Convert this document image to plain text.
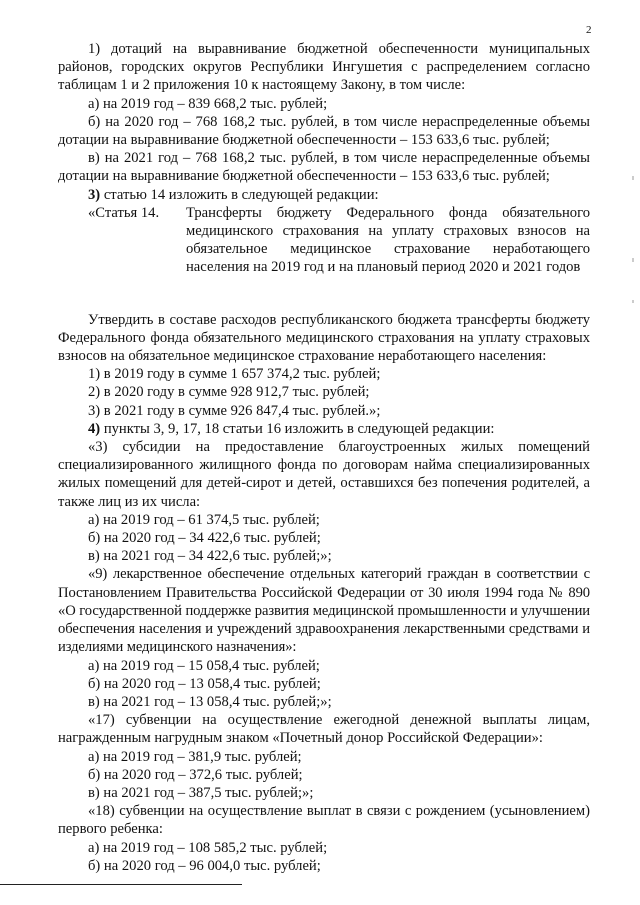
2

1) дотаций на выравнивание бюджетной обеспеченности муниципальных районов, городских округов Республики Ингушетия с распределением согласно таблицам 1 и 2 приложения 10 к настоящему Закону, в том числе:

а) на 2019 год – 839 668,2 тыс. рублей;

б) на 2020 год – 768 168,2 тыс. рублей, в том числе нераспределенные объемы дотации на выравнивание бюджетной обеспеченности – 153 633,6 тыс. рублей;

в) на 2021 год – 768 168,2 тыс. рублей, в том числе нераспределенные объемы дотации на выравнивание бюджетной обеспеченности – 153 633,6 тыс. рублей;

3) статью 14 изложить в следующей редакции:

«Статья 14.	Трансферты бюджету Федерального фонда обязательного медицинского страхования на уплату страховых взносов на обязательное медицинское страхование неработающего населения на 2019 год и на плановый период 2020 и 2021 годов

Утвердить в составе расходов республиканского бюджета трансферты бюджету Федерального фонда обязательного медицинского страхования на уплату страховых взносов на обязательное медицинское страхование неработающего населения:

1) в 2019 году в сумме 1 657 374,2 тыс. рублей;

2) в 2020 году в сумме 928 912,7 тыс. рублей;

3) в 2021 году в сумме 926 847,4 тыс. рублей.»;

4) пункты 3, 9, 17, 18 статьи 16 изложить в следующей редакции:

«3) субсидии на предоставление благоустроенных жилых помещений специализированного жилищного фонда по договорам найма специализированных жилых помещений для детей-сирот и детей, оставшихся без попечения родителей, а также лиц из их числа:

а) на 2019 год – 61 374,5 тыс. рублей;

б) на 2020 год – 34 422,6 тыс. рублей;

в) на 2021 год – 34 422,6 тыс. рублей;»;

«9) лекарственное обеспечение отдельных категорий граждан в соответствии с Постановлением Правительства Российской Федерации от 30 июля 1994 года № 890 «О государственной поддержке развития медицинской промышленности и улучшении обеспечения населения и учреждений здравоохранения лекарственными средствами и изделиями медицинского назначения»:

а) на 2019 год – 15 058,4 тыс. рублей;

б) на 2020 год – 13 058,4 тыс. рублей;

в) на 2021 год – 13 058,4 тыс. рублей;»;

«17) субвенции на осуществление ежегодной денежной выплаты лицам, награжденным нагрудным знаком «Почетный донор Российской Федерации»:

а) на 2019 год – 381,9 тыс. рублей;

б) на 2020 год – 372,6 тыс. рублей;

в) на 2021 год – 387,5 тыс. рублей;»;

«18) субвенции на осуществление выплат в связи с рождением (усыновлением) первого ребенка:

а) на 2019 год – 108 585,2 тыс. рублей;

б) на 2020 год – 96 004,0 тыс. рублей;
